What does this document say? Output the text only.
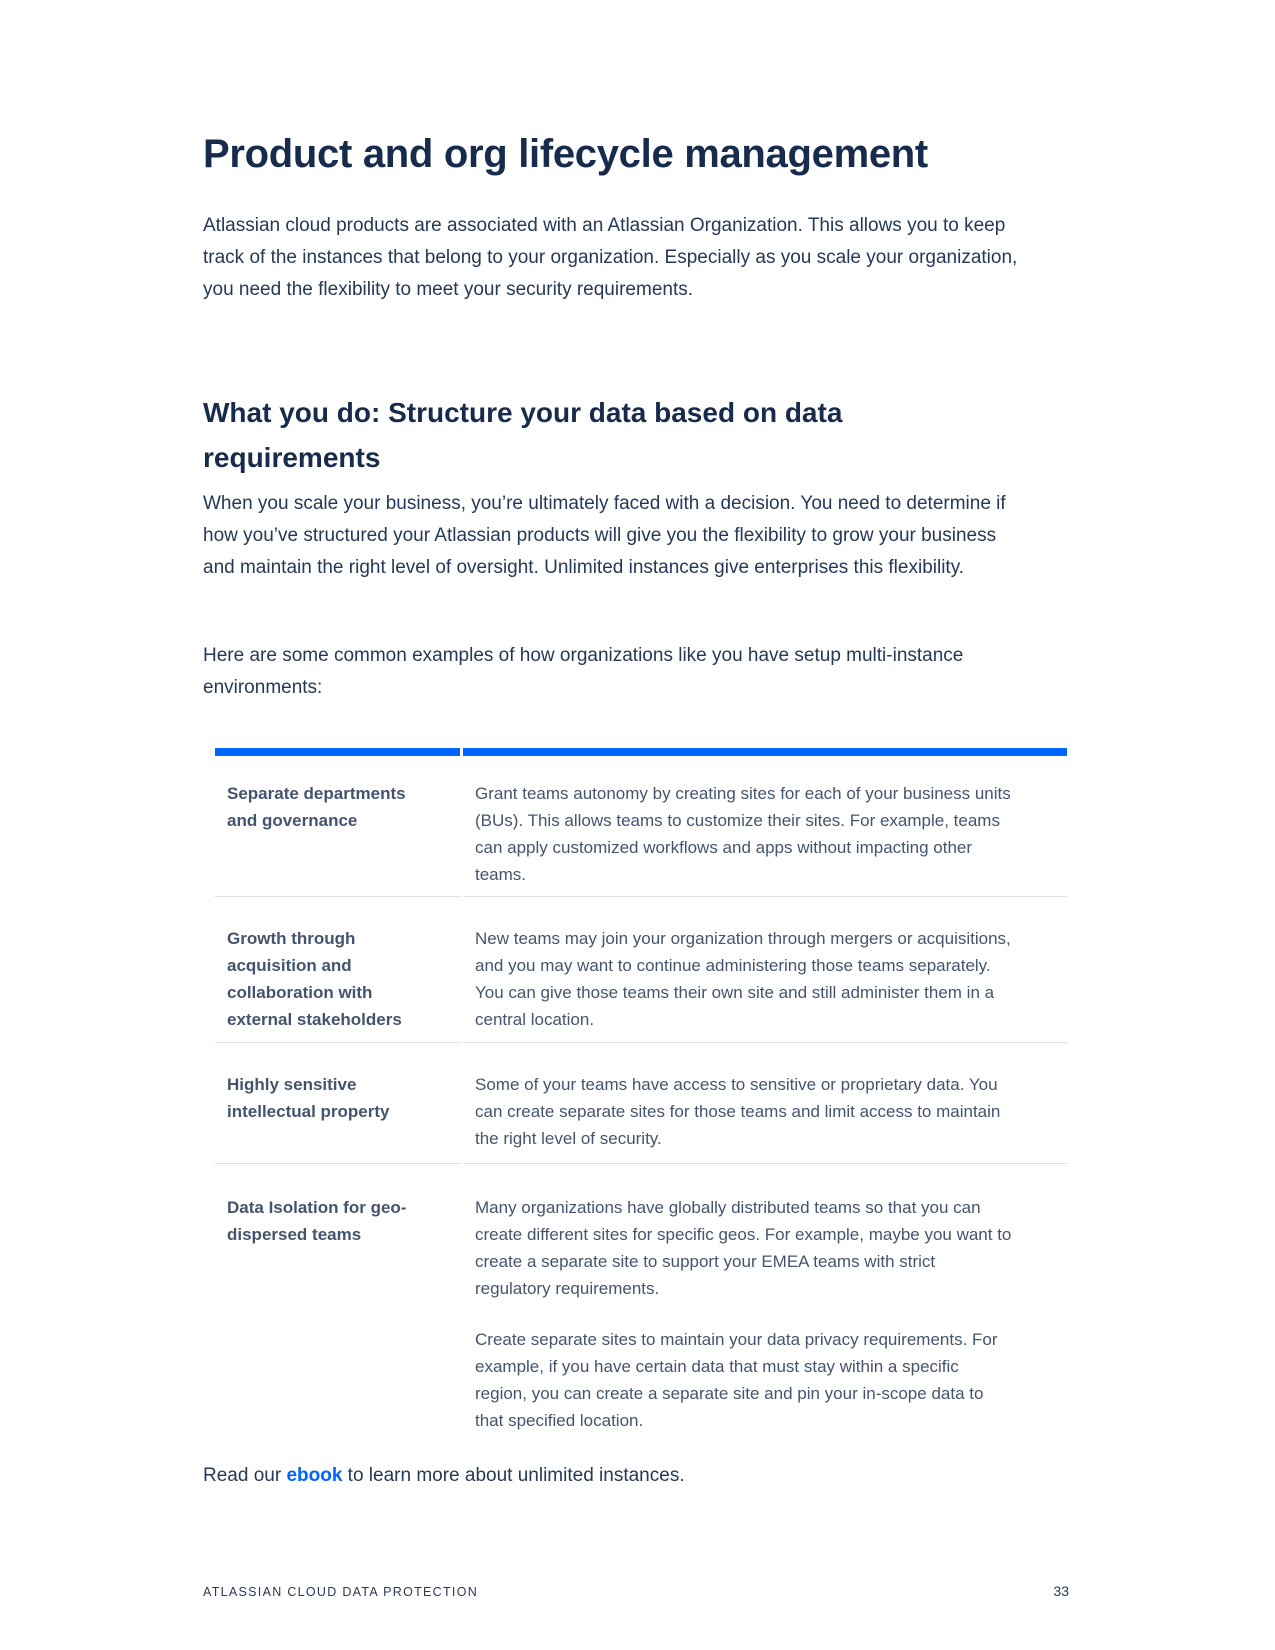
Product and org lifecycle management

Atlassian cloud products are associated with an Atlassian Organization. This allows you to keep track of the instances that belong to your organization. Especially as you scale your organization, you need the flexibility to meet your security requirements.

What you do: Structure your data based on data requirements

When you scale your business, you’re ultimately faced with a decision. You need to determine if how you’ve structured your Atlassian products will give you the flexibility to grow your business and maintain the right level of oversight. Unlimited instances give enterprises this flexibility.

Here are some common examples of how organizations like you have setup multi-instance environments:

Separate departments and governance

Grant teams autonomy by creating sites for each of your business units (BUs). This allows teams to customize their sites. For example, teams can apply customized workflows and apps without impacting other teams.

Growth through acquisition and collaboration with external stakeholders

New teams may join your organization through mergers or acquisitions, and you may want to continue administering those teams separately. You can give those teams their own site and still administer them in a central location.

Highly sensitive intellectual property

Some of your teams have access to sensitive or proprietary data. You can create separate sites for those teams and limit access to maintain the right level of security.

Data Isolation for geo-dispersed teams

Many organizations have globally distributed teams so that you can create different sites for specific geos. For example, maybe you want to create a separate site to support your EMEA teams with strict regulatory requirements.

Create separate sites to maintain your data privacy requirements. For example, if you have certain data that must stay within a specific region, you can create a separate site and pin your in-scope data to that specified location.

Read our ebook to learn more about unlimited instances.

ATLASSIAN CLOUD DATA PROTECTION	33
